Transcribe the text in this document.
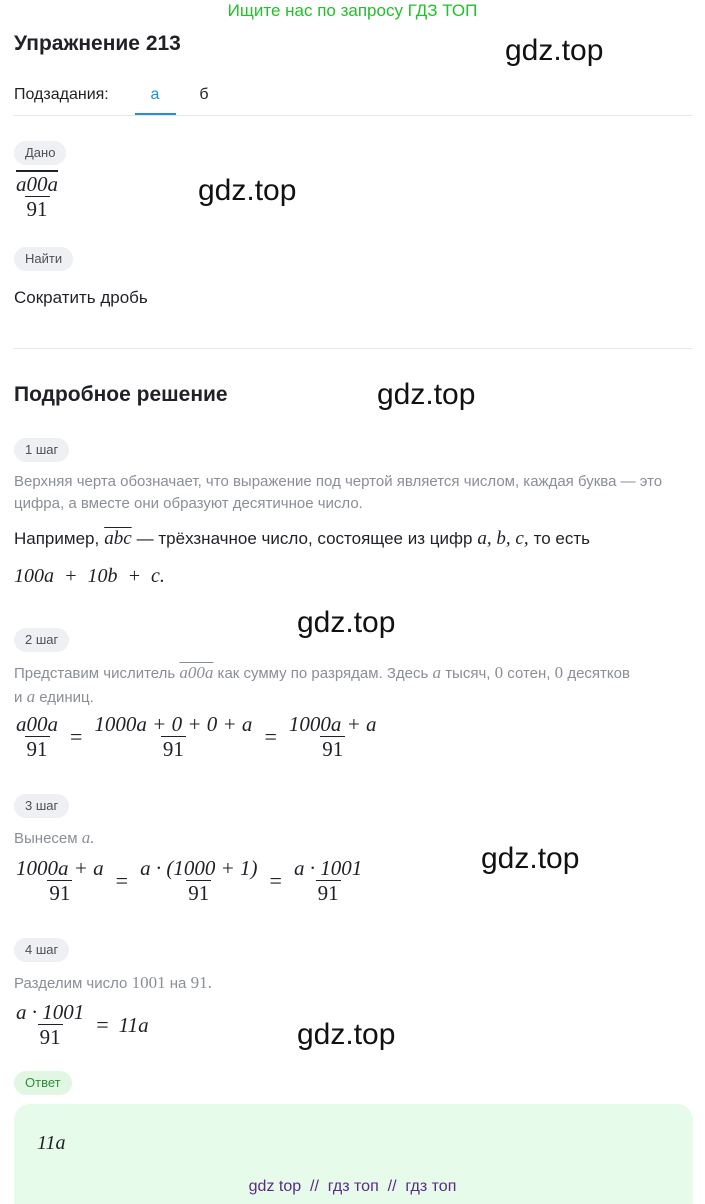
Ищите нас по запросу ГДЗ ТОП
gdz.top
gdz.top
gdz.top
gdz.top
gdz.top
gdz.top
Упражнение 213
Подзадания:	а	б
Дано
$\frac{a00a}{91}$
Найти
Сократить дробь
Подробное решение
1 шаг
Верхняя черта обозначает, что выражение под чертой является числом, каждая буква — это цифра, а вместе они образуют десятичное число.
Например, $\overline{abc}$ — трёхзначное число, состоящее из цифр a, b, c, то есть
100a  +  10b  +  c.
2 шаг
Представим числитель a00a как сумму по разрядам. Здесь a тысяч, 0 сотен, 0 десятков
и a единиц.
$\frac{a00a}{91} = \frac{1000a + 0 + 0 + a}{91} = \frac{1000a + a}{91}$
3 шаг
Вынесем a.
$\frac{1000a + a}{91} = \frac{a \cdot (1000 + 1)}{91} = \frac{a \cdot 1001}{91}$
4 шаг
Разделим число 1001 на 91.
$\frac{a \cdot 1001}{91} = 11a$
Ответ
11a
gdz top  //  гдз топ  //  гдз топ
